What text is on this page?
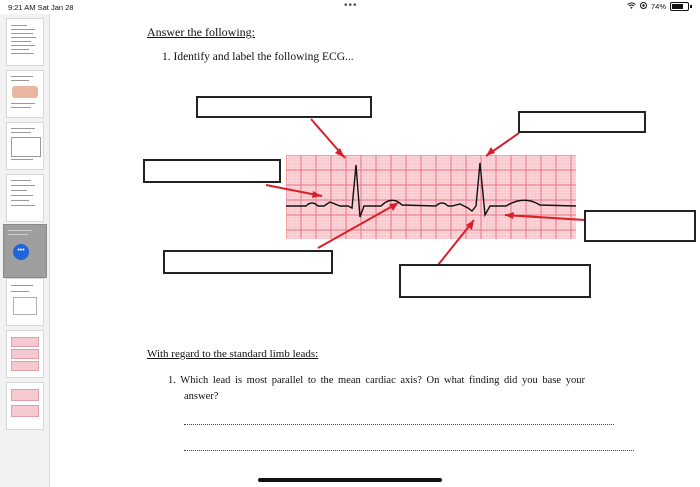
9:21 AM Sat Jan 28	•••	74%
•••
Answer the following:
1. Identify and label the following ECG...
With regard to the standard limb leads:
1. Which lead is most parallel to the mean cardiac axis? On what finding did you base your
answer?
